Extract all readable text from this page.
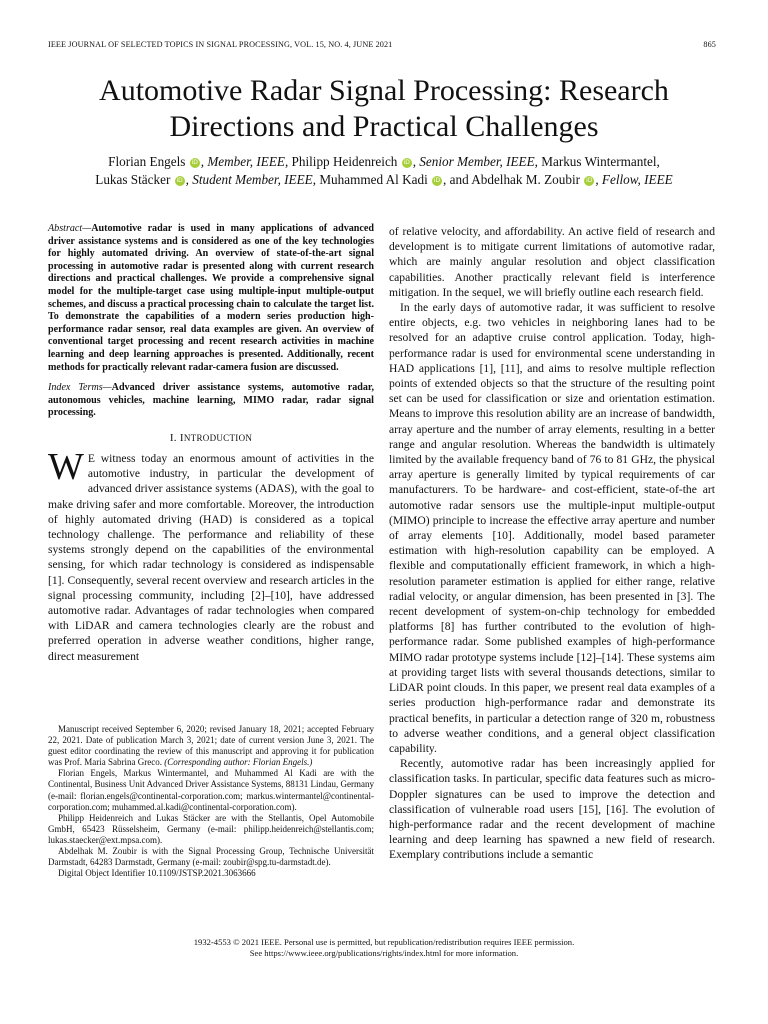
IEEE JOURNAL OF SELECTED TOPICS IN SIGNAL PROCESSING, VOL. 15, NO. 4, JUNE 2021	865
Automotive Radar Signal Processing: Research Directions and Practical Challenges
Florian Engels iD , Member, IEEE, Philipp Heidenreich iD , Senior Member, IEEE, Markus Wintermantel,
Lukas Stäcker iD , Student Member, IEEE, Muhammed Al Kadi iD , and Abdelhak M. Zoubir iD , Fellow, IEEE

Abstract—Automotive radar is used in many applications of advanced driver assistance systems and is considered as one of the key technologies for highly automated driving. An overview of state-of-the-art signal processing in automotive radar is presented along with current research directions and practical challenges. We provide a comprehensive signal model for the multiple-target case using multiple-input multiple-output schemes, and discuss a practical processing chain to calculate the target list. To demonstrate the capabilities of a modern series production high-performance radar sensor, real data examples are given. An overview of conventional target processing and recent research activities in machine learning and deep learning approaches is presented. Additionally, recent methods for practically relevant radar-camera fusion are discussed.

Index Terms—Advanced driver assistance systems, automotive radar, autonomous vehicles, machine learning, MIMO radar, radar signal processing.

I. INTRODUCTION

W E witness today an enormous amount of activities in the automotive industry, in particular the development of advanced driver assistance systems (ADAS), with the goal to make driving safer and more comfortable. Moreover, the introduction of highly automated driving (HAD) is considered as a topical technology challenge. The performance and reliability of these systems strongly depend on the capabilities of the environmental sensing, for which radar technology is considered as indispensable [1]. Consequently, several recent overview and research articles in the signal processing community, including [2]–[10], have addressed automotive radar. Advantages of radar technologies when compared with LiDAR and camera technologies clearly are the robust and preferred operation in adverse weather conditions, higher range, direct measurement

Manuscript received September 6, 2020; revised January 18, 2021; accepted February 22, 2021. Date of publication March 3, 2021; date of current version June 3, 2021. The guest editor coordinating the review of this manuscript and approving it for publication was Prof. Maria Sabrina Greco. (Corresponding author: Florian Engels.)

Florian Engels, Markus Wintermantel, and Muhammed Al Kadi are with the Continental, Business Unit Advanced Driver Assistance Systems, 88131 Lindau, Germany (e-mail: florian.engels@continental-corporation.com; markus.wintermantel@continental-corporation.com; muhammed.al.kadi@continental-corporation.com).

Philipp Heidenreich and Lukas Stäcker are with the Stellantis, Opel Automobile GmbH, 65423 Rüsselsheim, Germany (e-mail: philipp.heidenreich@stellantis.com; lukas.staecker@ext.mpsa.com).

Abdelhak M. Zoubir is with the Signal Processing Group, Technische Universität Darmstadt, 64283 Darmstadt, Germany (e-mail: zoubir@spg.tu-darmstadt.de).

Digital Object Identifier 10.1109/JSTSP.2021.3063666

of relative velocity, and affordability. An active field of research and development is to mitigate current limitations of automotive radar, which are mainly angular resolution and object classification capabilities. Another practically relevant field is interference mitigation. In the sequel, we will briefly outline each research field.

In the early days of automotive radar, it was sufficient to resolve entire objects, e.g. two vehicles in neighboring lanes had to be resolved for an adaptive cruise control application. Today, high-performance radar is used for environmental scene understanding in HAD applications [1], [11], and aims to resolve multiple reflection points of extended objects so that the structure of the resulting point set can be used for classification or size and orientation estimation. Means to improve this resolution ability are an increase of bandwidth, array aperture and the number of array elements, resulting in a better range and angular resolution. Whereas the bandwidth is ultimately limited by the available frequency band of 76 to 81 GHz, the physical array aperture is generally limited by typical requirements of car manufacturers. To be hardware- and cost-efficient, state-of-the art automotive radar sensors use the multiple-input multiple-output (MIMO) principle to increase the effective array aperture and number of array elements [10]. Additionally, model based parameter estimation with high-resolution capability can be employed. A flexible and computationally efficient framework, in which a high-resolution parameter estimation is applied for either range, relative radial velocity, or angular dimension, has been presented in [3]. The recent development of system-on-chip technology for embedded platforms [8] has further contributed to the evolution of high-performance radar. Some published examples of high-performance MIMO radar prototype systems include [12]–[14]. These systems aim at providing target lists with several thousands detections, similar to LiDAR point clouds. In this paper, we present real data examples of a series production high-performance radar and demonstrate its practical benefits, in particular a detection range of 320 m, robustness to adverse weather conditions, and a general object classification capability.

Recently, automotive radar has been increasingly applied for classification tasks. In particular, specific data features such as micro-Doppler signatures can be used to improve the detection and classification of vulnerable road users [15], [16]. The evolution of high-performance radar and the recent development of machine learning and deep learning has spawned a new field of research. Exemplary contributions include a semantic

1932-4553 © 2021 IEEE. Personal use is permitted, but republication/redistribution requires IEEE permission.
See https://www.ieee.org/publications/rights/index.html for more information.
